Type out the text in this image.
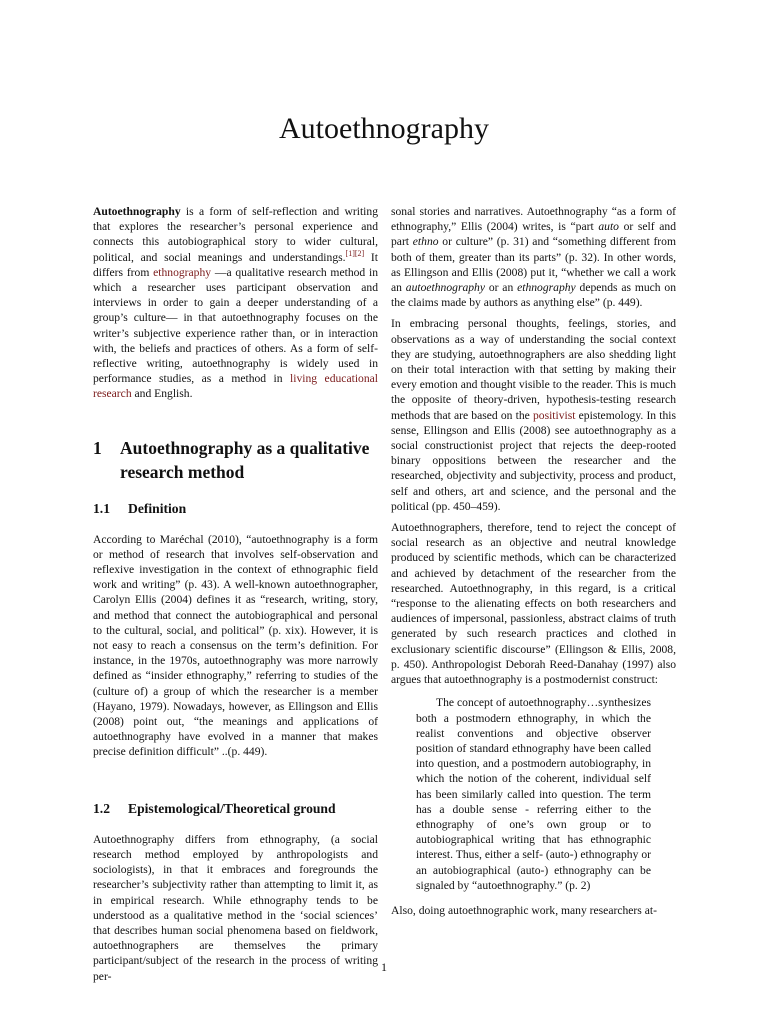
Autoethnography

Autoethnography is a form of self-reflection and writing that explores the researcher’s personal experience and connects this autobiographical story to wider cultural, political, and social meanings and understandings.[1][2] It differs from ethnography —a qualitative research method in which a researcher uses participant observation and interviews in order to gain a deeper understanding of a group’s culture— in that autoethnography focuses on the writer’s subjective experience rather than, or in interaction with, the beliefs and practices of others. As a form of self-reflective writing, autoethnography is widely used in performance studies, as a method in living educational research and English.

1	Autoethnography as a qualitative research method
1.1	Definition

According to Maréchal (2010), “autoethnography is a form or method of research that involves self-observation and reflexive investigation in the context of ethnographic field work and writing” (p. 43). A well-known autoethnographer, Carolyn Ellis (2004) defines it as “research, writing, story, and method that connect the autobiographical and personal to the cultural, social, and political” (p. xix). However, it is not easy to reach a consensus on the term’s definition. For instance, in the 1970s, autoethnography was more narrowly defined as “insider ethnography,” referring to studies of the (culture of) a group of which the researcher is a member (Hayano, 1979). Nowadays, however, as Ellingson and Ellis (2008) point out, “the meanings and applications of autoethnography have evolved in a manner that makes precise definition difficult” ..(p. 449).

1.2	Epistemological/Theoretical ground

Autoethnography differs from ethnography, (a social research method employed by anthropologists and sociologists), in that it embraces and foregrounds the researcher’s subjectivity rather than attempting to limit it, as in empirical research. While ethnography tends to be understood as a qualitative method in the ‘social sciences’ that describes human social phenomena based on fieldwork, autoethnographers are themselves the primary participant/subject of the research in the process of writing per-

sonal stories and narratives. Autoethnography “as a form of ethnography,” Ellis (2004) writes, is “part auto or self and part ethno or culture” (p. 31) and “something different from both of them, greater than its parts” (p. 32). In other words, as Ellingson and Ellis (2008) put it, “whether we call a work an autoethnography or an ethnography depends as much on the claims made by authors as anything else” (p. 449).

In embracing personal thoughts, feelings, stories, and observations as a way of understanding the social context they are studying, autoethnographers are also shedding light on their total interaction with that setting by making their every emotion and thought visible to the reader. This is much the opposite of theory-driven, hypothesis-testing research methods that are based on the positivist epistemology. In this sense, Ellingson and Ellis (2008) see autoethnography as a social constructionist project that rejects the deep-rooted binary oppositions between the researcher and the researched, objectivity and subjectivity, process and product, self and others, art and science, and the personal and the political (pp. 450–459).

Autoethnographers, therefore, tend to reject the concept of social research as an objective and neutral knowledge produced by scientific methods, which can be characterized and achieved by detachment of the researcher from the researched. Autoethnography, in this regard, is a critical “response to the alienating effects on both researchers and audiences of impersonal, passionless, abstract claims of truth generated by such research practices and clothed in exclusionary scientific discourse” (Ellingson & Ellis, 2008, p. 450). Anthropologist Deborah Reed-Danahay (1997) also argues that autoethnography is a postmodernist construct:

The concept of autoethnography…synthesizes both a postmodern ethnography, in which the realist conventions and objective observer position of standard ethnography have been called into question, and a postmodern autobiography, in which the notion of the coherent, individual self has been similarly called into question. The term has a double sense - referring either to the ethnography of one’s own group or to autobiographical writing that has ethnographic interest. Thus, either a self- (auto-) ethnography or an autobiographical (auto-) ethnography can be signaled by “autoethnography.” (p. 2)

Also, doing autoethnographic work, many researchers at-

1
